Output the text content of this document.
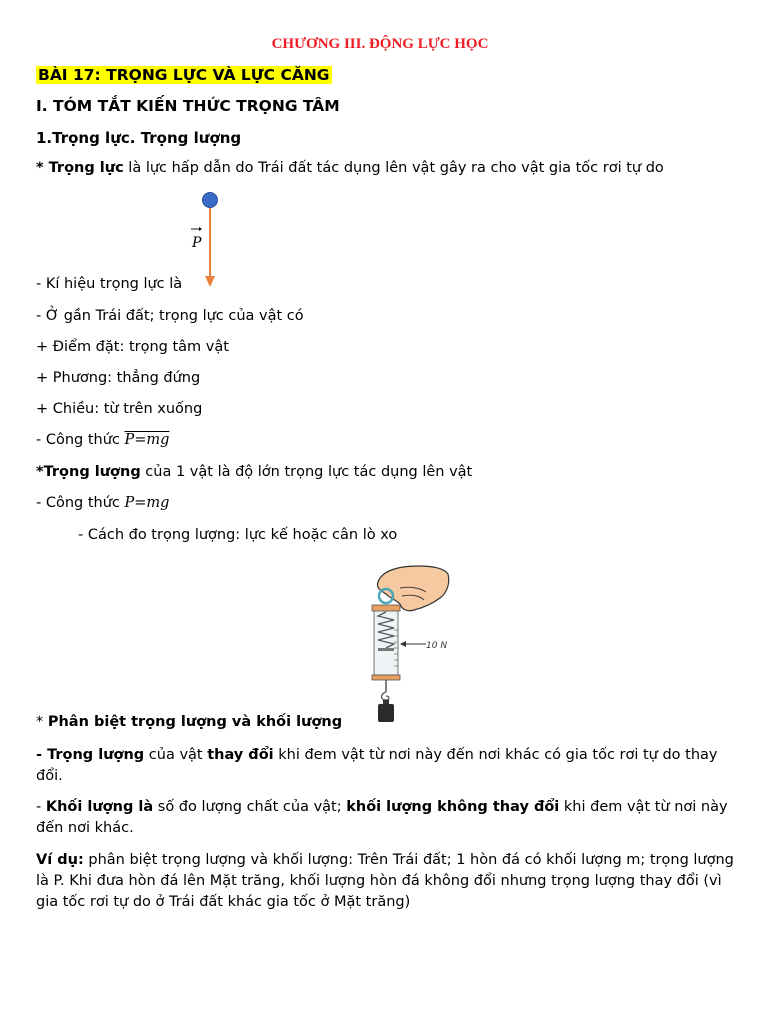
CHƯƠNG III. ĐỘNG LỰC HỌC
BÀI 17: TRỌNG LỰC VÀ LỰC CĂNG
I. TÓM TẮT KIẾN THỨC TRỌNG TÂM
1.Trọng lực. Trọng lượng
* Trọng lực là lực hấp dẫn do Trái đất tác dụng lên vật gây ra cho vật gia tốc rơi tự do
P
- Kí hiệu trọng lực là
- Ở gần Trái đất; trọng lực của vật có
+ Điểm đặt: trọng tâm vật
+ Phương: thẳng đứng
+ Chiều: từ trên xuống
- Công thức P=mg
*Trọng lượng của 1 vật là độ lớn trọng lực tác dụng lên vật
- Công thức P=mg
- Cách đo trọng lượng: lực kế hoặc cân lò xo
10 N
* Phân biệt trọng lượng và khối lượng
- Trọng lượng của vật thay đổi khi đem vật từ nơi này đến nơi khác có gia tốc rơi tự do thay đổi.
- Khối lượng là số đo lượng chất của vật; khối lượng không thay đổi khi đem vật từ nơi này đến nơi khác.
Ví dụ: phân biệt trọng lượng và khối lượng: Trên Trái đất; 1 hòn đá có khối lượng m; trọng lượng là P. Khi đưa hòn đá lên Mặt trăng, khối lượng hòn đá không đổi nhưng trọng lượng thay đổi (vì gia tốc rơi tự do ở Trái đất khác gia tốc ở Mặt trăng)
